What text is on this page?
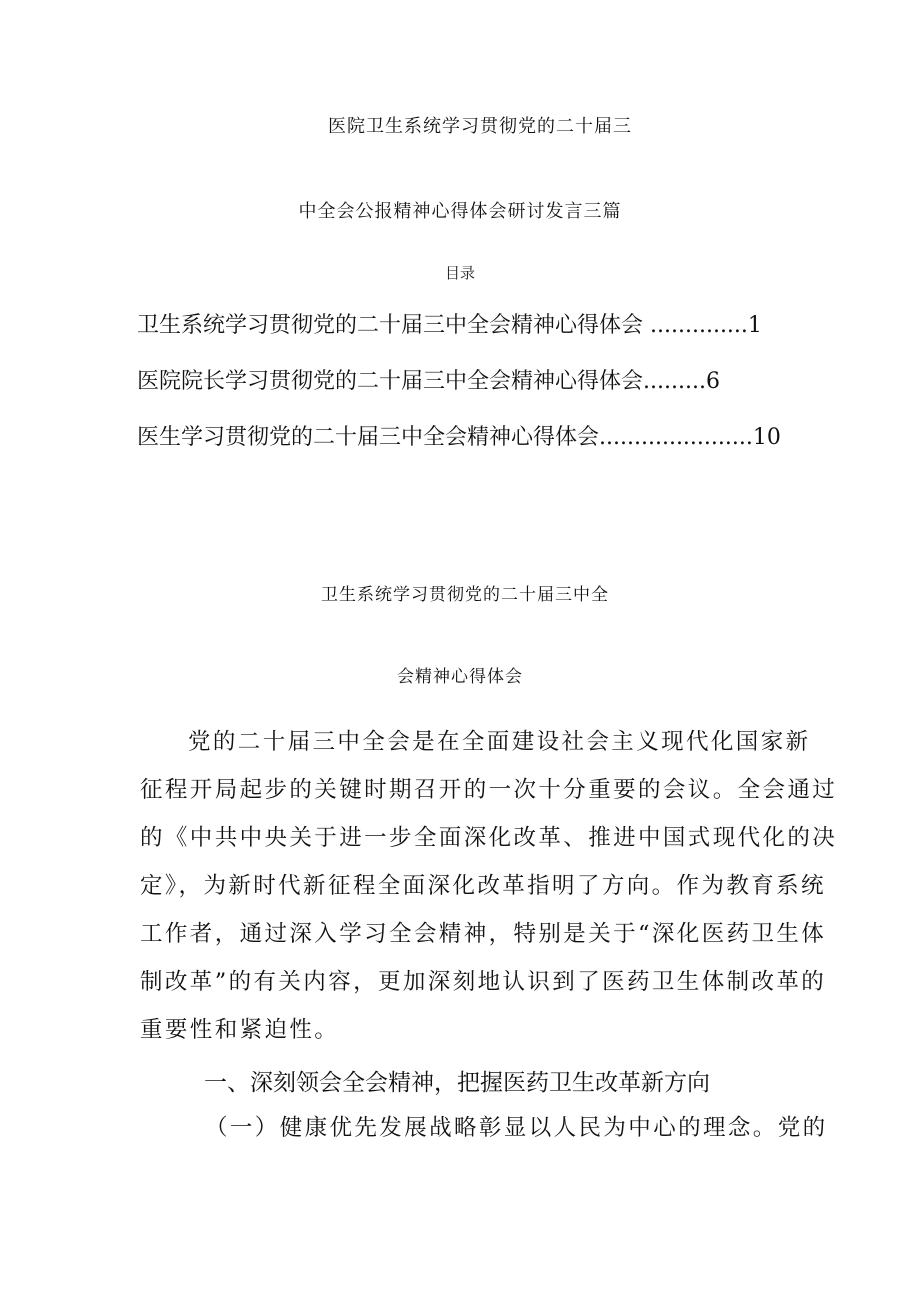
医院卫生系统学习贯彻党的二十届三
中全会公报精神心得体会研讨发言三篇
目录
卫生系统学习贯彻党的二十届三中全会精神心得体会 ..............1
医院院长学习贯彻党的二十届三中全会精神心得体会.........6
医生学习贯彻党的二十届三中全会精神心得体会......................10
卫生系统学习贯彻党的二十届三中全
会精神心得体会
党的二十届三中全会是在全面建设社会主义现代化国家新
征程开局起步的关键时期召开的一次十分重要的会议。全会通过
的《中共中央关于进一步全面深化改革、推进中国式现代化的决
定》，为新时代新征程全面深化改革指明了方向。作为教育系统
工作者，通过深入学习全会精神，特别是关于“深化医药卫生体
制改革”的有关内容，更加深刻地认识到了医药卫生体制改革的
重要性和紧迫性。
一、深刻领会全会精神，把握医药卫生改革新方向
（一）健康优先发展战略彰显以人民为中心的理念。党的
